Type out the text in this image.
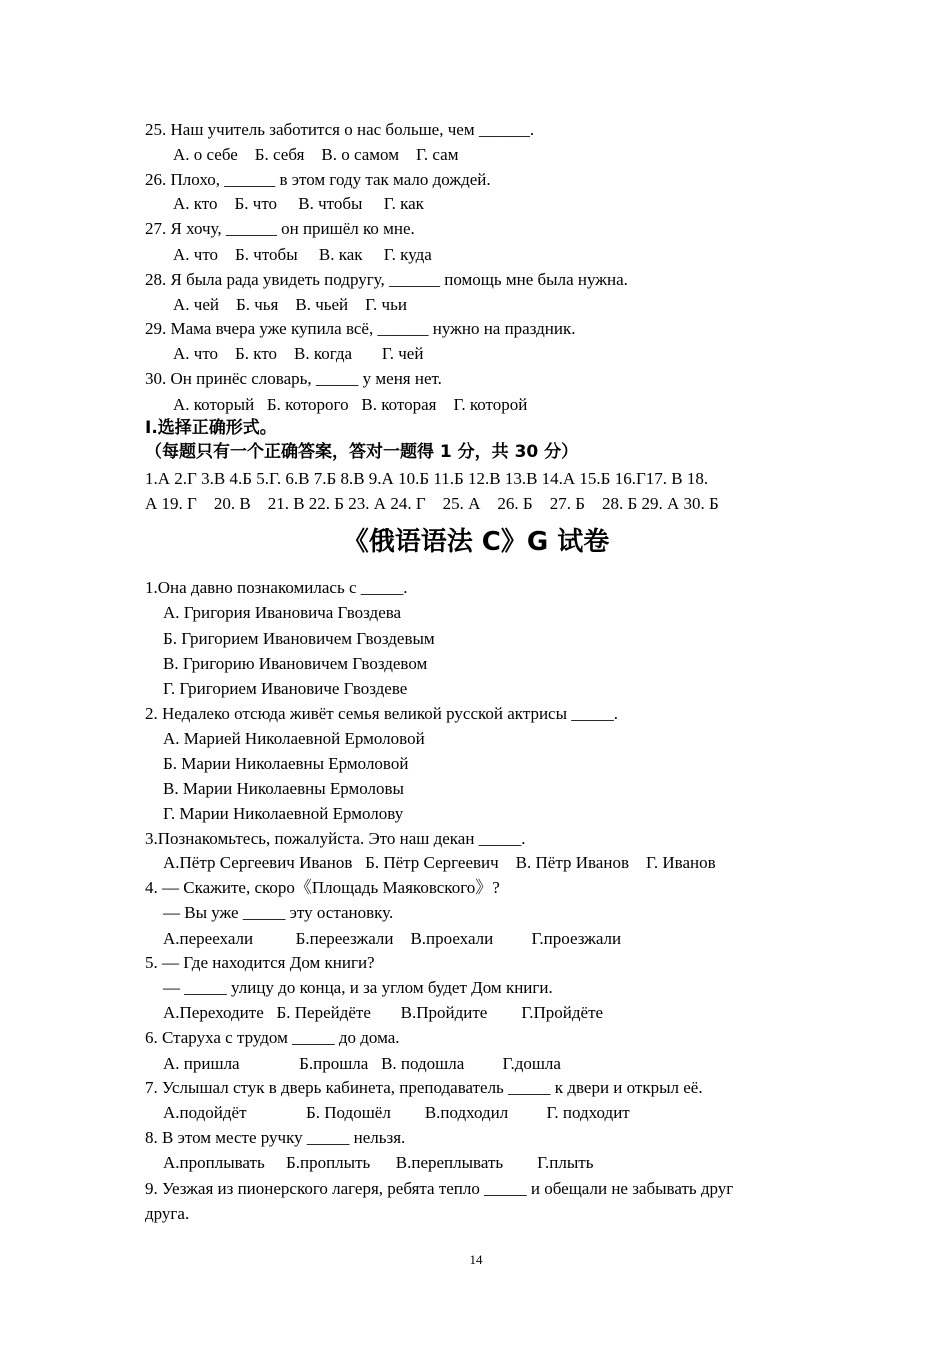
25. Наш учитель заботится о нас больше, чем ______.
А. о себе    Б. себя    В. о самом    Г. сам
26. Плохо, ______ в этом году так мало дождей.
А. кто    Б. что     В. чтобы     Г. как
27. Я хочу, ______ он пришёл ко мне.
А. что    Б. чтобы     В. как     Г. куда
28. Я была рада увидеть подругу, ______ помощь мне была нужна.
А. чей    Б. чья    В. чьей    Г. чьи
29. Мама вчера уже купила всё, ______ нужно на праздник.
А. что    Б. кто    В. когда       Г. чей
30. Он принёс словарь, _____ у меня нет.
А. который   Б. которого   В. которая    Г. которой
Ⅰ.选择正确形式。
（每题只有一个正确答案，答对一题得 1 分，共 30 分）
1.А 2.Г 3.В 4.Б 5.Г. 6.В 7.Б 8.В 9.А 10.Б 11.Б 12.В 13.В 14.А 15.Б 16.Г17. В 18.
А 19. Г    20. В    21. В 22. Б 23. А 24. Г    25. А    26. Б    27. Б    28. Б 29. А 30. Б
《俄语语法 C》G 试卷
1.Она давно познакомилась с _____.
А. Григория Ивановича Гвоздева
Б. Григорием Ивановичем Гвоздевым
В. Григорию Ивановичем Гвоздевом
Г. Григорием Ивановиче Гвоздеве
2. Недалеко отсюда живёт семья великой русской актрисы _____.
А. Марией Николаевной Ермоловой
Б. Марии Николаевны Ермоловой
В. Марии Николаевны Ермоловы
Г. Марии Николаевной Ермолову
3.Познакомьтесь, пожалуйста. Это наш декан _____.
А.Пётр Сергеевич Иванов   Б. Пётр Сергеевич    В. Пётр Иванов    Г. Иванов
4. — Скажите, скоро《Площадь Маяковского》?
— Вы уже _____ эту остановку.
А.переехали          Б.переезжали    В.проехали         Г.проезжали
5. — Где находится Дом книги?
— _____ улицу до конца, и за углом будет Дом книги.
А.Переходите   Б. Перейдёте       В.Пройдите        Г.Пройдёте
6. Старуха с трудом _____ до дома.
А. пришла              Б.прошла   В. подошла         Г.дошла
7. Услышал стук в дверь кабинета, преподаватель _____ к двери и открыл её.
А.подойдёт              Б. Подошёл        В.подходил         Г. подходит
8. В этом месте ручку _____ нельзя.
А.проплывать     Б.проплыть      В.переплывать        Г.плыть
9. Уезжая из пионерского лагеря, ребята тепло _____ и обещали не забывать друг
друга.
14
